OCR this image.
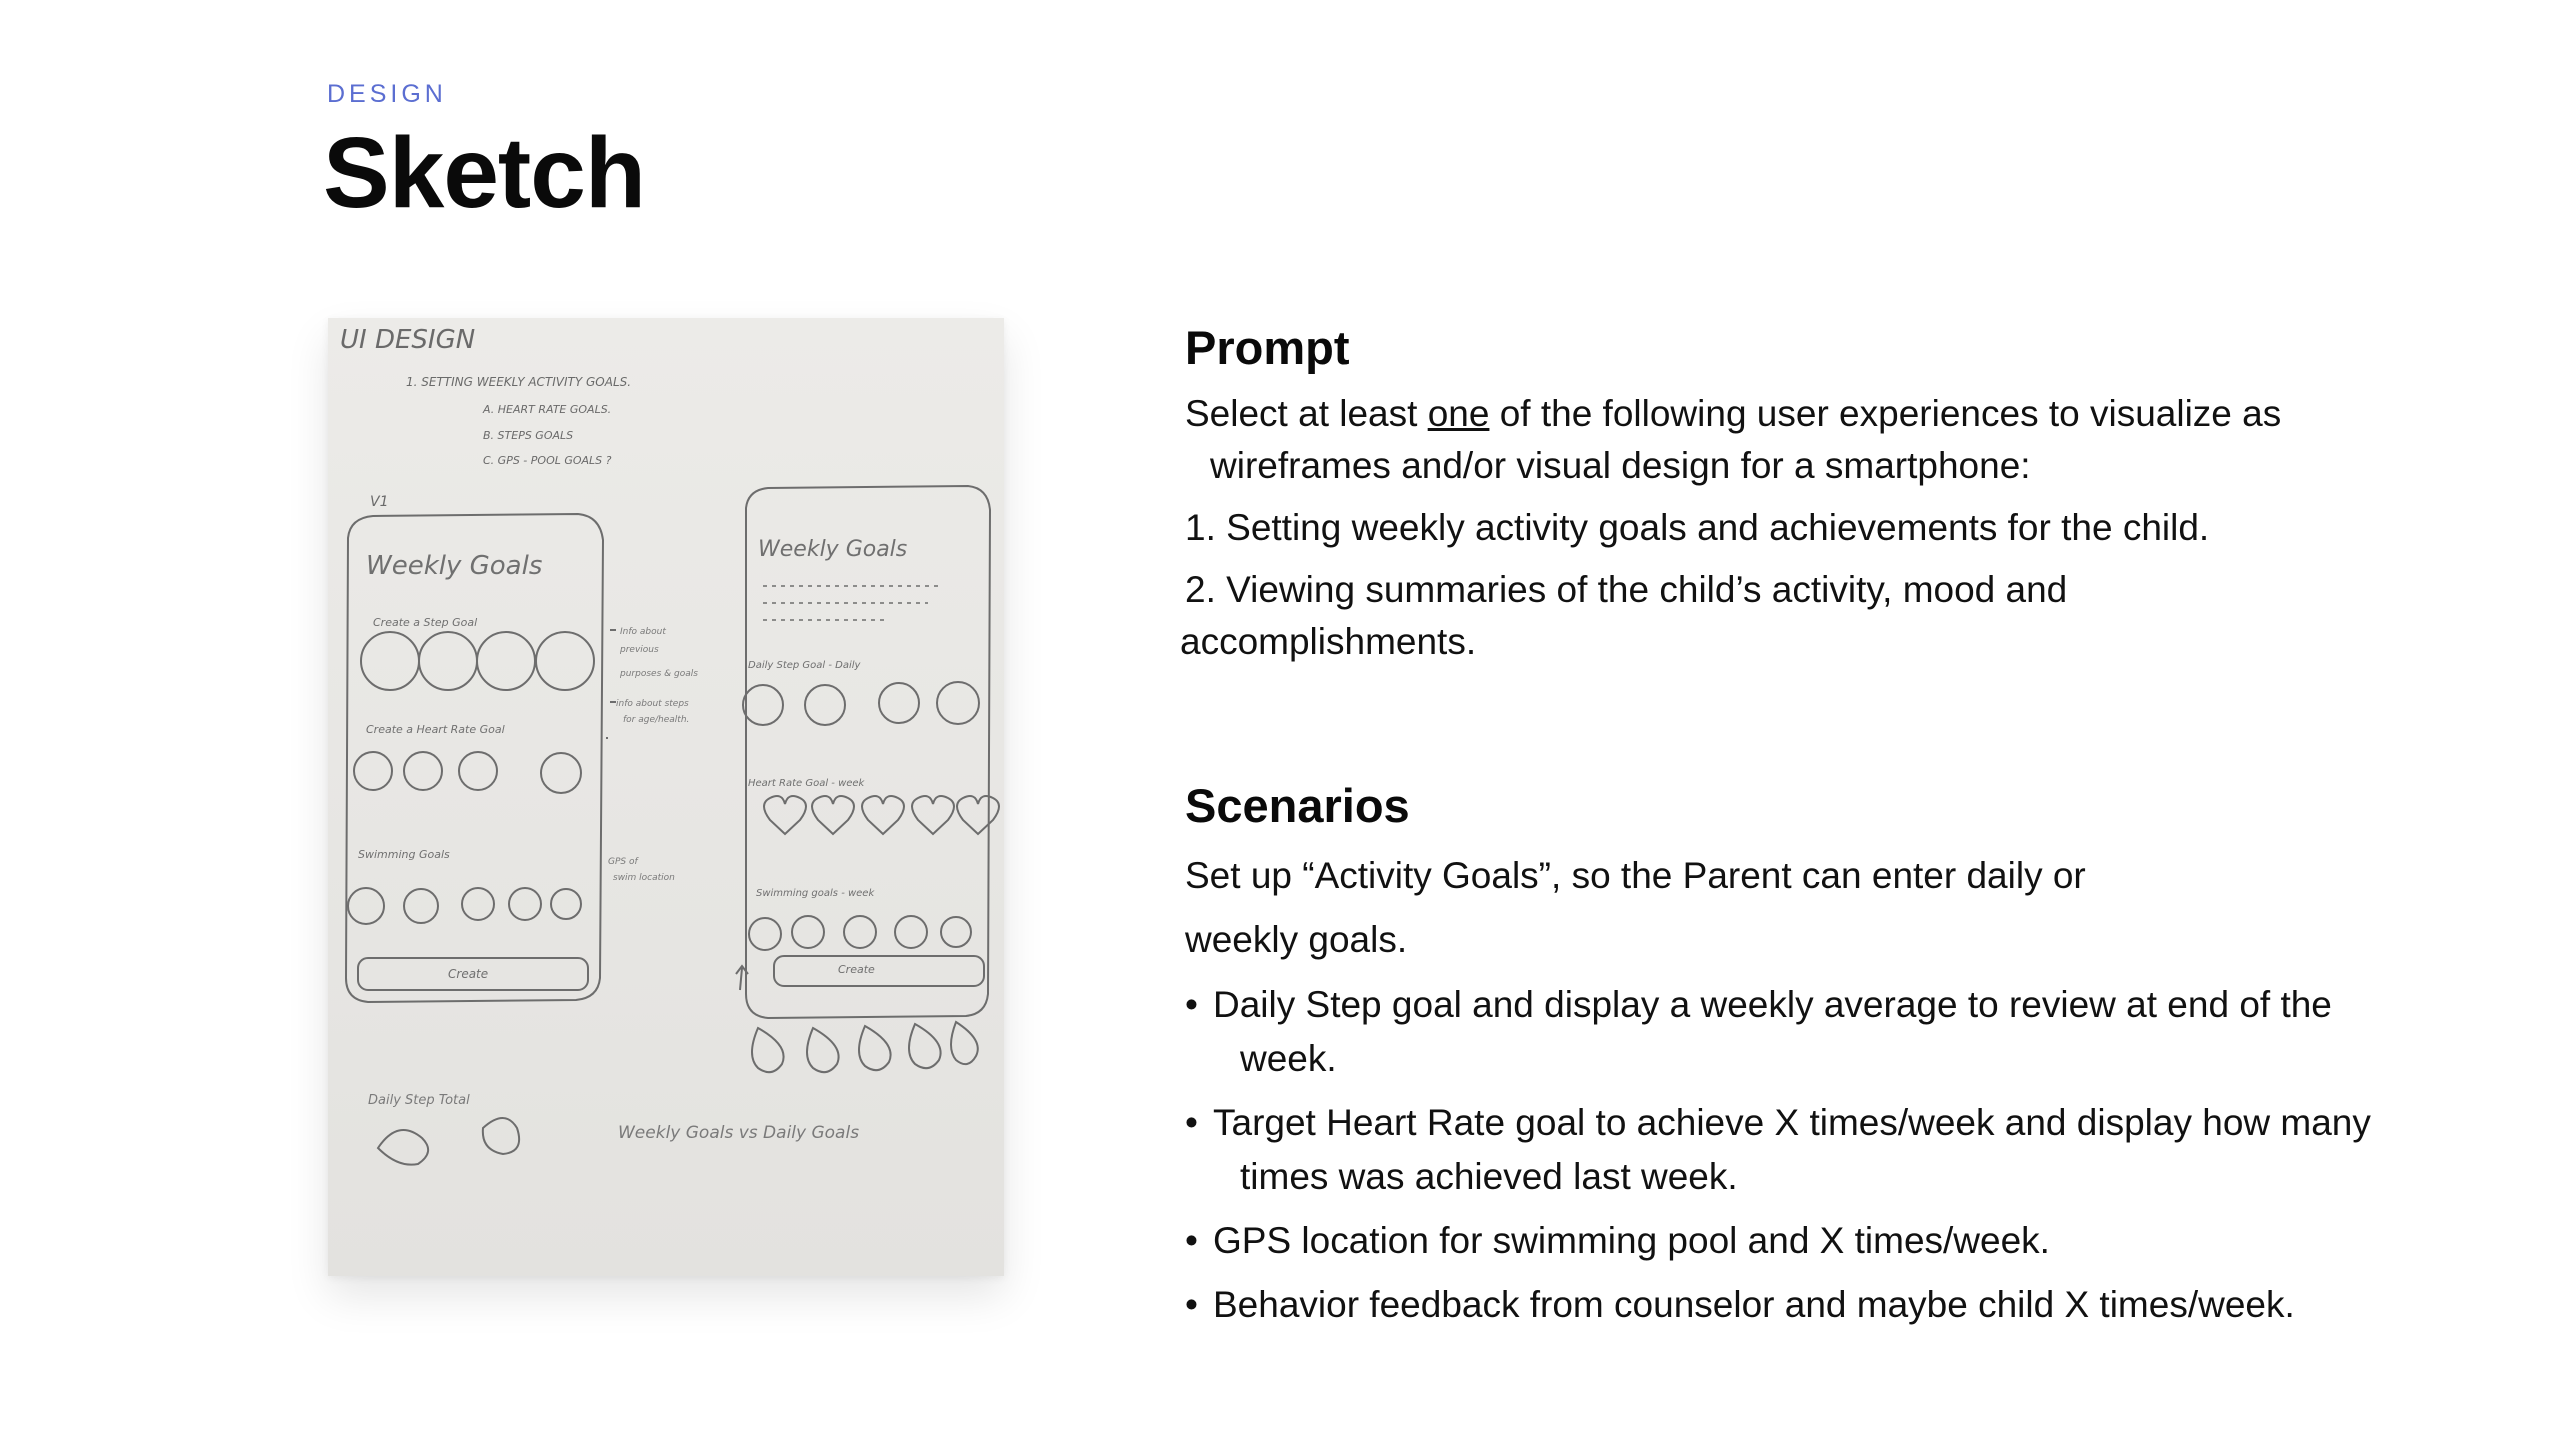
DESIGN
Sketch
UI DESIGN
1. SETTING WEEKLY ACTIVITY GOALS.
A. HEART RATE GOALS.
B. STEPS GOALS
C. GPS - POOL GOALS ?
V1
Weekly Goals
Create a Step Goal
Create a Heart Rate Goal
Swimming Goals
Create
Info about
previous
purposes & goals
info about steps
for age/health.
GPS of
swim location
Weekly Goals
Daily Step Goal - Daily
Heart Rate Goal - week
Swimming goals - week
Create
Daily Step Total
Weekly Goals vs Daily Goals
Prompt
Select at least one of the following user experiences to visualize as
wireframes and/or visual design for a smartphone:
1. Setting weekly activity goals and achievements for the child.
2. Viewing summaries of the child’s activity, mood and
accomplishments.
Scenarios
Set up “Activity Goals”, so the Parent can enter daily or
weekly goals.
• Daily Step goal and display a weekly average to review at end of the
week.
• Target Heart Rate goal to achieve X times/week and display how many
times was achieved last week.
• GPS location for swimming pool and X times/week.
• Behavior feedback from counselor and maybe child X times/week.
